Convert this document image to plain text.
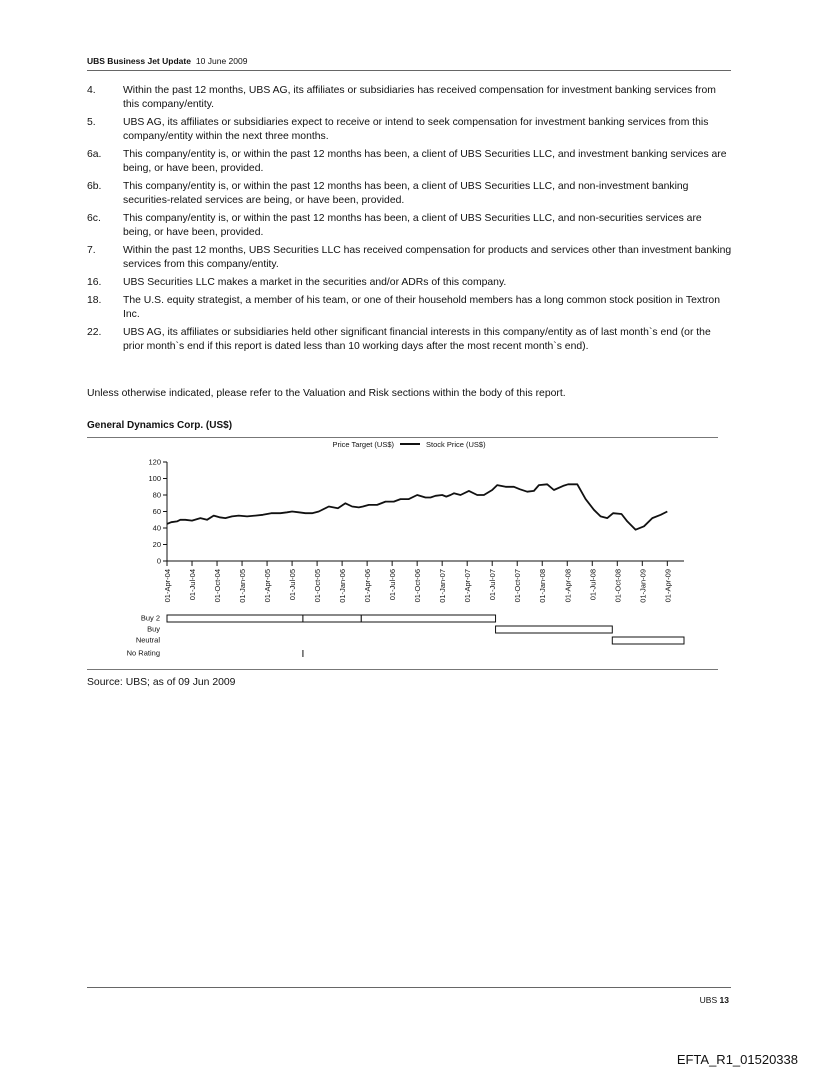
UBS Business Jet Update 10 June 2009
4.	Within the past 12 months, UBS AG, its affiliates or subsidiaries has received compensation for investment banking services from this company/entity.
5.	UBS AG, its affiliates or subsidiaries expect to receive or intend to seek compensation for investment banking services from this company/entity within the next three months.
6a.	This company/entity is, or within the past 12 months has been, a client of UBS Securities LLC, and investment banking services are being, or have been, provided.
6b.	This company/entity is, or within the past 12 months has been, a client of UBS Securities LLC, and non-investment banking securities-related services are being, or have been, provided.
6c.	This company/entity is, or within the past 12 months has been, a client of UBS Securities LLC, and non-securities services are being, or have been, provided.
7.	Within the past 12 months, UBS Securities LLC has received compensation for products and services other than investment banking services from this company/entity.
16.	UBS Securities LLC makes a market in the securities and/or ADRs of this company.
18.	The U.S. equity strategist, a member of his team, or one of their household members has a long common stock position in Textron Inc.
22.	UBS AG, its affiliates or subsidiaries held other significant financial interests in this company/entity as of last month`s end (or the prior month`s end if this report is dated less than 10 working days after the most recent month`s end).
Unless otherwise indicated, please refer to the Valuation and Risk sections within the body of this report.
General Dynamics Corp. (US$)
Price Target (US$)	Stock Price (US$)
0
20
40
60
80
100
120
01-Apr-04 01-Jul-04 01-Oct-04 01-Jan-05 01-Apr-05 01-Jul-05 01-Oct-05 01-Jan-06 01-Apr-06 01-Jul-06 01-Oct-06 01-Jan-07 01-Apr-07 01-Jul-07 01-Oct-07 01-Jan-08 01-Apr-08 01-Jul-08 01-Oct-08 01-Jan-09 01-Apr-09
Buy 2
Buy
Neutral
No Rating
Source: UBS; as of 09 Jun 2009
UBS 13
EFTA_R1_01520338
